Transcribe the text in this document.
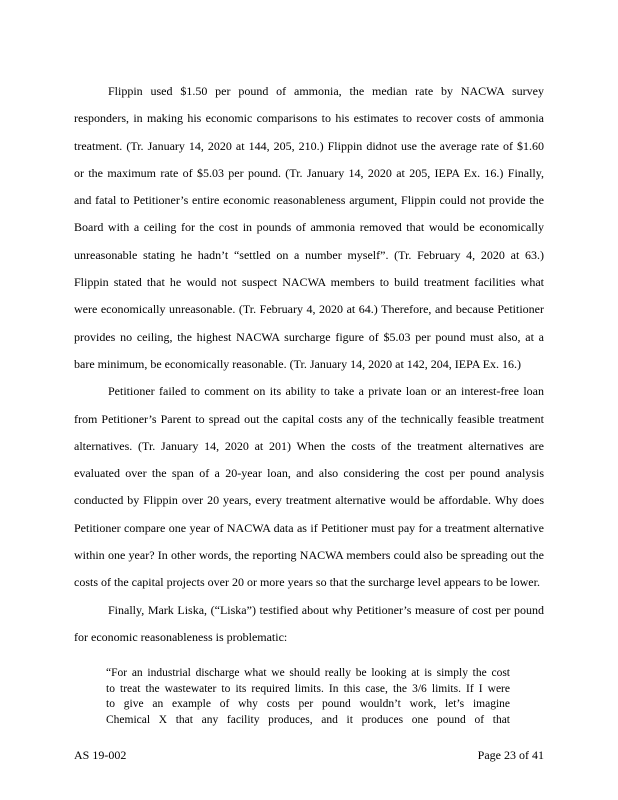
Flippin used $1.50 per pound of ammonia, the median rate by NACWA survey
responders, in making his economic comparisons to his estimates to recover costs of ammonia
treatment. (Tr. January 14, 2020 at 144, 205, 210.) Flippin didnot use the average rate of $1.60
or the maximum rate of $5.03 per pound. (Tr. January 14, 2020 at 205, IEPA Ex. 16.) Finally,
and fatal to Petitioner’s entire economic reasonableness argument, Flippin could not provide the
Board with a ceiling for the cost in pounds of ammonia removed that would be economically
unreasonable stating he hadn’t “settled on a number myself”. (Tr. February 4, 2020 at 63.)
Flippin stated that he would not suspect NACWA members to build treatment facilities what
were economically unreasonable. (Tr. February 4, 2020 at 64.) Therefore, and because Petitioner
provides no ceiling, the highest NACWA surcharge figure of $5.03 per pound must also, at a
bare minimum, be economically reasonable. (Tr. January 14, 2020 at 142, 204, IEPA Ex. 16.)
Petitioner failed to comment on its ability to take a private loan or an interest-free loan
from Petitioner’s Parent to spread out the capital costs any of the technically feasible treatment
alternatives. (Tr. January 14, 2020 at 201) When the costs of the treatment alternatives are
evaluated over the span of a 20-year loan, and also considering the cost per pound analysis
conducted by Flippin over 20 years, every treatment alternative would be affordable. Why does
Petitioner compare one year of NACWA data as if Petitioner must pay for a treatment alternative
within one year? In other words, the reporting NACWA members could also be spreading out the
costs of the capital projects over 20 or more years so that the surcharge level appears to be lower.
Finally, Mark Liska, (“Liska”) testified about why Petitioner’s measure of cost per pound
for economic reasonableness is problematic:
“For an industrial discharge what we should really be looking at is simply the cost
to treat the wastewater to its required limits. In this case, the 3/6 limits. If I were
to give an example of why costs per pound wouldn’t work, let’s imagine
Chemical X that any facility produces, and it produces one pound of that
AS 19-002	Page 23 of 41
